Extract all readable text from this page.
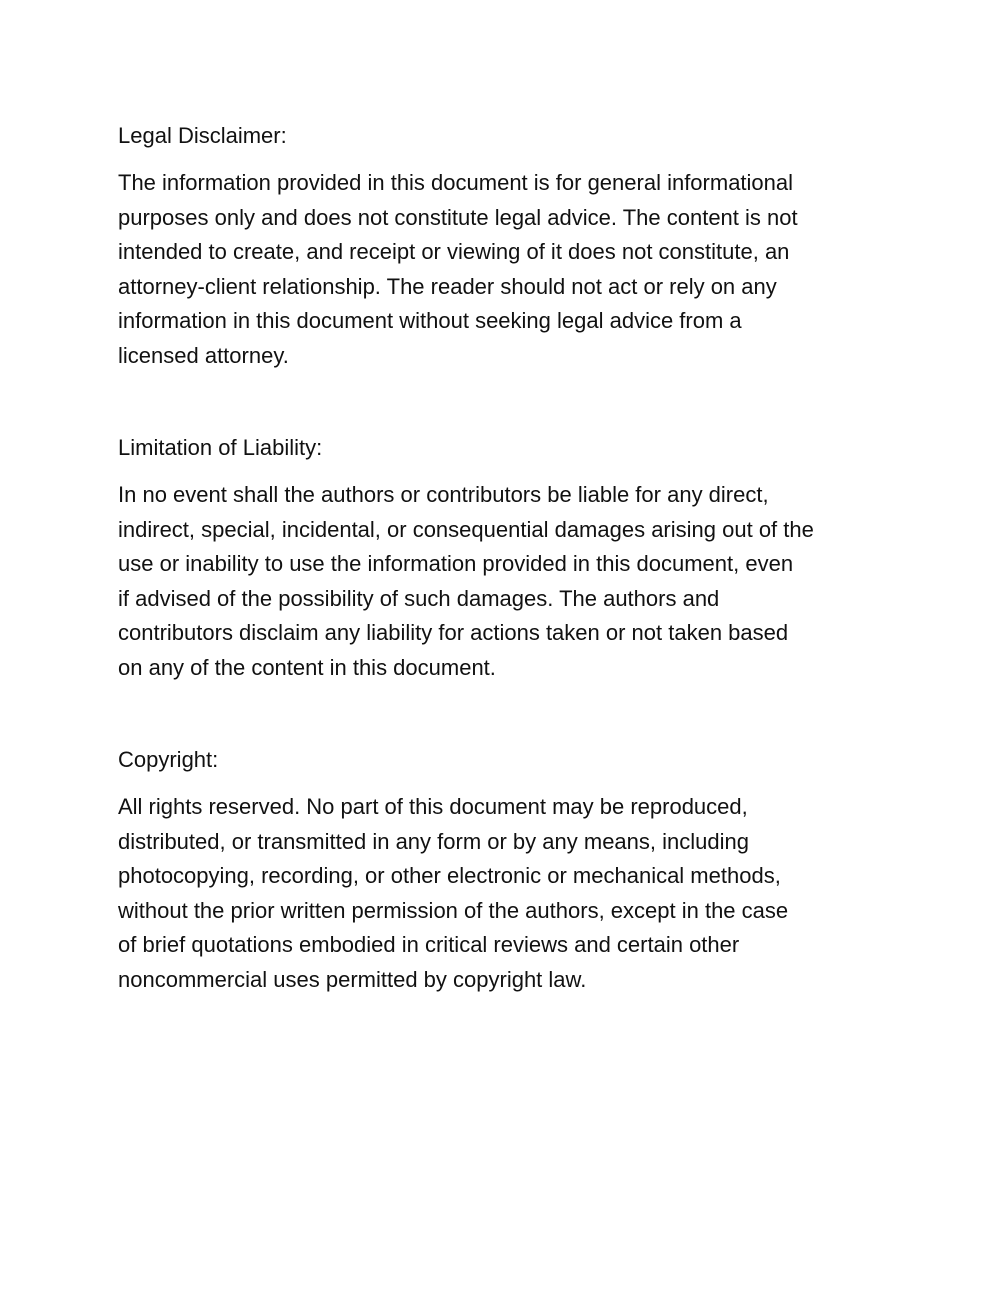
Legal Disclaimer:

The information provided in this document is for general informational
purposes only and does not constitute legal advice. The content is not
intended to create, and receipt or viewing of it does not constitute, an
attorney-client relationship. The reader should not act or rely on any
information in this document without seeking legal advice from a
licensed attorney.

Limitation of Liability:

In no event shall the authors or contributors be liable for any direct,
indirect, special, incidental, or consequential damages arising out of the
use or inability to use the information provided in this document, even
if advised of the possibility of such damages. The authors and
contributors disclaim any liability for actions taken or not taken based
on any of the content in this document.

Copyright:

All rights reserved. No part of this document may be reproduced,
distributed, or transmitted in any form or by any means, including
photocopying, recording, or other electronic or mechanical methods,
without the prior written permission of the authors, except in the case
of brief quotations embodied in critical reviews and certain other
noncommercial uses permitted by copyright law.
